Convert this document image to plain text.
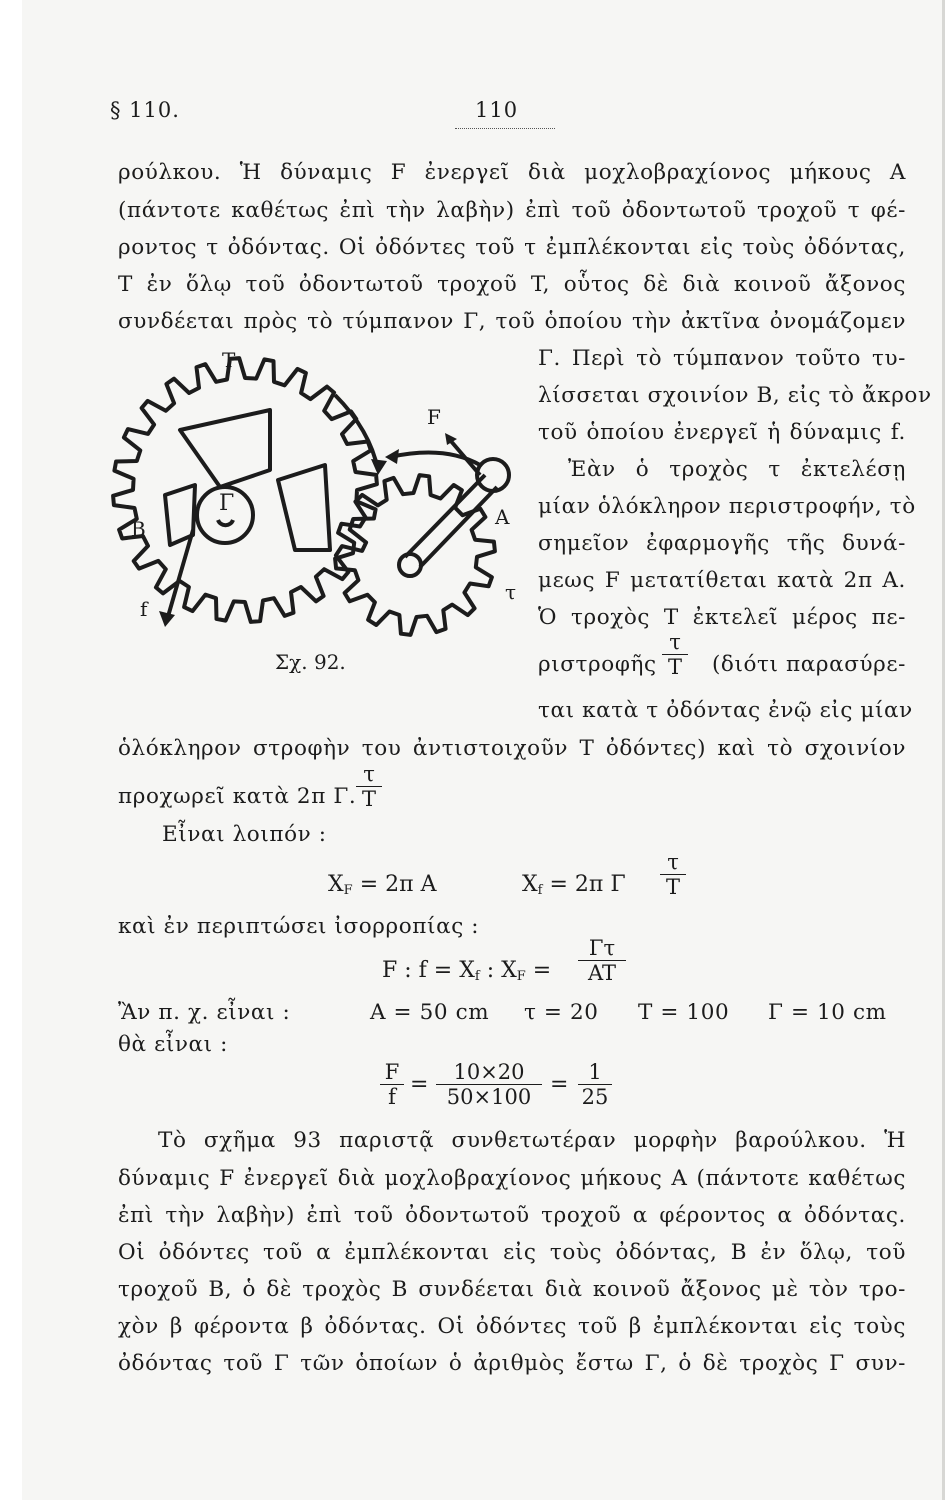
§ 110.	110
ρούλκου. Ἡ δύναμις F ἐνεργεῖ διὰ μοχλοβραχίονος μήκους A
(πάντοτε καθέτως ἐπὶ τὴν λαβὴν) ἐπὶ τοῦ ὀδοντωτοῦ τροχοῦ τ φέ-
ροντος τ ὀδόντας. Οἱ ὀδόντες τοῦ τ ἐμπλέκονται εἰς τοὺς ὀδόντας,
T ἐν ὅλῳ τοῦ ὀδοντωτοῦ τροχοῦ T, οὗτος δὲ διὰ κοινοῦ ἄξονος
συνδέεται πρὸς τὸ τύμπανον Γ, τοῦ ὁποίου τὴν ἀκτῖνα ὀνομάζομεν
T
F
B	A
τ
f
Γ
Σχ. 92.
Γ. Περὶ τὸ τύμπανον τοῦτο τυ-
λίσσεται σχοινίον B, εἰς τὸ ἄκρον
τοῦ ὁποίου ἐνεργεῖ ἡ δύναμις f.
Ἐὰν ὁ τροχὸς τ ἐκτελέσῃ
μίαν ὁλόκληρον περιστροφήν, τὸ
σημεῖον ἐφαρμογῆς τῆς δυνά-
μεως F μετατίθεται κατὰ 2π A.
Ὁ τροχὸς T ἐκτελεῖ μέρος πε-
ριστροφῆς $\frac{\tau}{T}$	(διότι παρασύρε-
ται κατὰ τ ὀδόντας ἐνῷ εἰς μίαν
ὁλόκληρον στροφὴν του ἀντιστοιχοῦν T ὀδόντες) καὶ τὸ σχοινίον
προχωρεῖ κατὰ 2π Γ. $\frac{\tau}{T}$
Εἶναι λοιπόν :
$X_F = 2\pi$ A	$X_f = 2\pi$ Γ $\frac{\tau}{T}$
καὶ ἐν περιπτώσει ἰσορροπίας :
F : $f = X_f$ : $X_F = \frac{\Gamma\tau}{AT}$
Ἂν π. χ. εἶναι :	A = 50 cm τ = 20 T = 100 Γ = 10 cm
θὰ εἶναι :
$\frac{F}{f} = \frac{10\times 20}{50\times 100} = \frac{1}{25}$
Τὸ σχῆμα 93 παριστᾷ συνθετωτέραν μορφὴν βαρούλκου. Ἡ
δύναμις F ἐνεργεῖ διὰ μοχλοβραχίονος μήκους A (πάντοτε καθέτως
ἐπὶ τὴν λαβὴν) ἐπὶ τοῦ ὀδοντωτοῦ τροχοῦ α φέροντος α ὀδόντας.
Οἱ ὀδόντες τοῦ α ἐμπλέκονται εἰς τοὺς ὀδόντας, B ἐν ὅλῳ, τοῦ
τροχοῦ B, ὁ δὲ τροχὸς B συνδέεται διὰ κοινοῦ ἄξονος μὲ τὸν τρο-
χὸν β φέροντα β ὀδόντας. Οἱ ὀδόντες τοῦ β ἐμπλέκονται εἰς τοὺς
ὀδόντας τοῦ Γ τῶν ὁποίων ὁ ἀριθμὸς ἔστω Γ, ὁ δὲ τροχὸς Γ συν-
